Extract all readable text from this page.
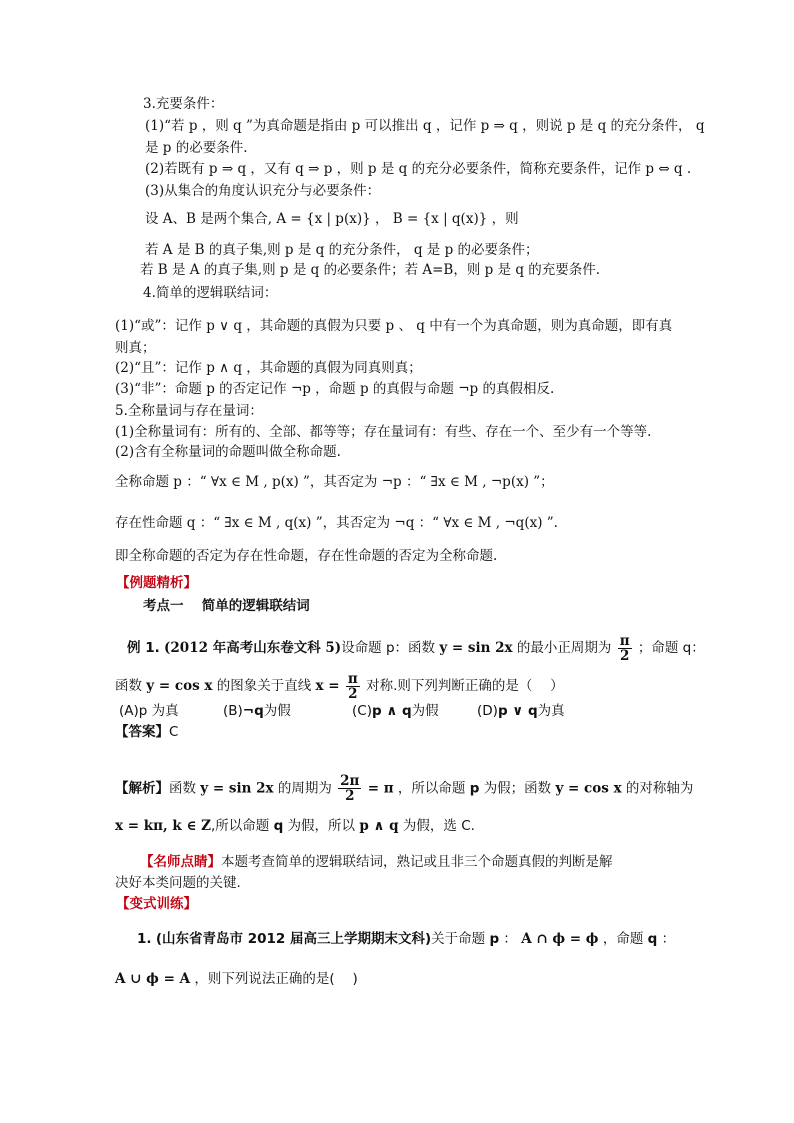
3.充要条件：
(1)“若 p ，则 q ”为真命题是指由 p 可以推出 q ，记作 p ⇒ q ，则说 p 是 q 的充分条件， q
是 p 的必要条件.
(2)若既有 p ⇒ q ，又有 q ⇒ p ，则 p 是 q 的充分必要条件，简称充要条件，记作 p ⇔ q .
(3)从集合的角度认识充分与必要条件：
设 A、B 是两个集合, A = {x | p(x)} ， B = {x | q(x)} ，则
若 A 是 B 的真子集,则 p 是 q 的充分条件， q 是 p 的必要条件；
若 B 是 A 的真子集,则 p 是 q 的必要条件；若 A=B，则 p 是 q 的充要条件.
4.简单的逻辑联结词：
(1)“或”：记作 p ∨ q ，其命题的真假为只要 p 、 q 中有一个为真命题，则为真命题，即有真
则真；
(2)“且”：记作 p ∧ q ，其命题的真假为同真则真；
(3)“非”：命题 p 的否定记作 ¬p ，命题 p 的真假与命题 ¬p 的真假相反.
5.全称量词与存在量词：
(1)全称量词有：所有的、全部、都等等；存在量词有：有些、存在一个、至少有一个等等.
(2)含有全称量词的命题叫做全称命题.
全称命题 p ：“ ∀x ∈ M , p(x) ”，其否定为 ¬p ：“ ∃x ∈ M , ¬p(x) ”；
存在性命题 q ：“ ∃x ∈ M , q(x) ”，其否定为 ¬q ：“ ∀x ∈ M , ¬q(x) ”.
即全称命题的否定为存在性命题，存在性命题的否定为全称命题.
【例题精析】
考点一　 简单的逻辑联结词
例 1. (2012 年高考山东卷文科 5)设命题 p：函数 y = sin 2x 的最小正周期为 $\frac{\pi}{2}$ ；命题 q：
函数 y = cos x 的图象关于直线 $x = \frac{\pi}{2}$ 对称.则下列判断正确的是（　 ）
(A)p 为真	(B)¬q为假	(C)p ∧ q为假	(D)p ∨ q为真
【答案】C
【解析】函数 y = sin 2x 的周期为 $\frac{2\pi}{2} = \pi$ ，所以命题 p 为假；函数 y = cos x 的对称轴为
x = kπ, k ∈ Z,所以命题 q 为假，所以 p ∧ q 为假，选 C.
【名师点睛】本题考查简单的逻辑联结词，熟记或且非三个命题真假的判断是解
决好本类问题的关键.
【变式训练】
1. (山东省青岛市 2012 届高三上学期期末文科)关于命题 p ： A ∩ ϕ = ϕ ，命题 q ：
A ∪ ϕ = A ，则下列说法正确的是(　 )
